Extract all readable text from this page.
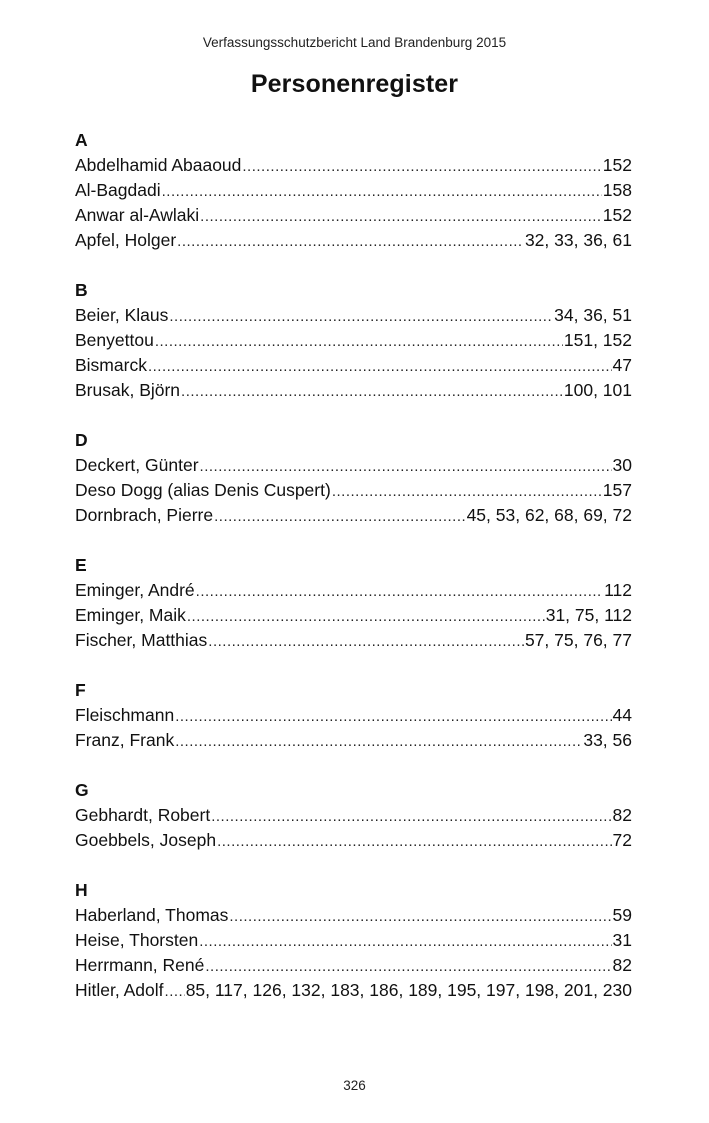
Verfassungsschutzbericht Land Brandenburg 2015
Personenregister
A
Abdelhamid Abaaoud .....	152
Al-Bagdadi .....	158
Anwar al-Awlaki .....	152
Apfel, Holger .....	32, 33, 36, 61
B
Beier, Klaus .....	34, 36, 51
Benyettou .....	151, 152
Bismarck .....	47
Brusak, Björn .....	100, 101
D
Deckert, Günter .....	30
Deso Dogg (alias Denis Cuspert) .....	157
Dornbrach, Pierre .....	45, 53, 62, 68, 69, 72
E
Eminger, André .....	112
Eminger, Maik .....	31, 75, 112
Fischer, Matthias .....	57, 75, 76, 77
F
Fleischmann .....	44
Franz, Frank .....	33, 56
G
Gebhardt, Robert .....	82
Goebbels, Joseph .....	72
H
Haberland, Thomas .....	59
Heise, Thorsten .....	31
Herrmann, René .....	82
Hitler, Adolf ..... 85, 117, 126, 132, 183, 186, 189, 195, 197, 198, 201, 230
326
